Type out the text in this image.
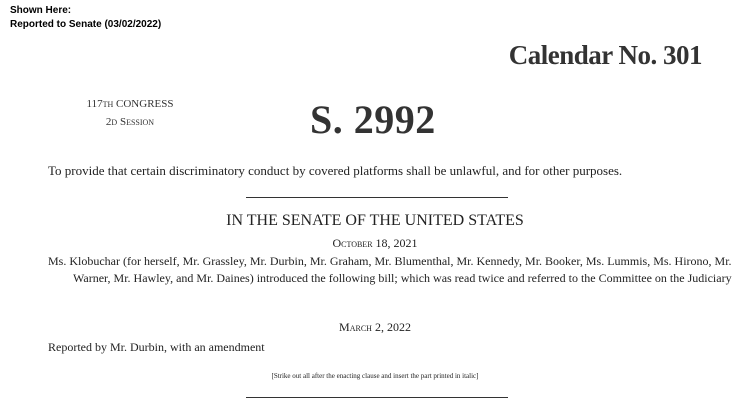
Shown Here:
Reported to Senate (03/02/2022)
Calendar No. 301
117th CONGRESS
2d Session	S. 2992
To provide that certain discriminatory conduct by covered platforms shall be unlawful, and for other purposes.
IN THE SENATE OF THE UNITED STATES
October 18, 2021
Ms. Klobuchar (for herself, Mr. Grassley, Mr. Durbin, Mr. Graham, Mr. Blumenthal, Mr. Kennedy, Mr. Booker, Ms. Lummis, Ms. Hirono, Mr. Warner, Mr. Hawley, and Mr. Daines) introduced the following bill; which was read twice and referred to the Committee on the Judiciary
March 2, 2022
Reported by Mr. Durbin, with an amendment
[Strike out all after the enacting clause and insert the part printed in italic]
